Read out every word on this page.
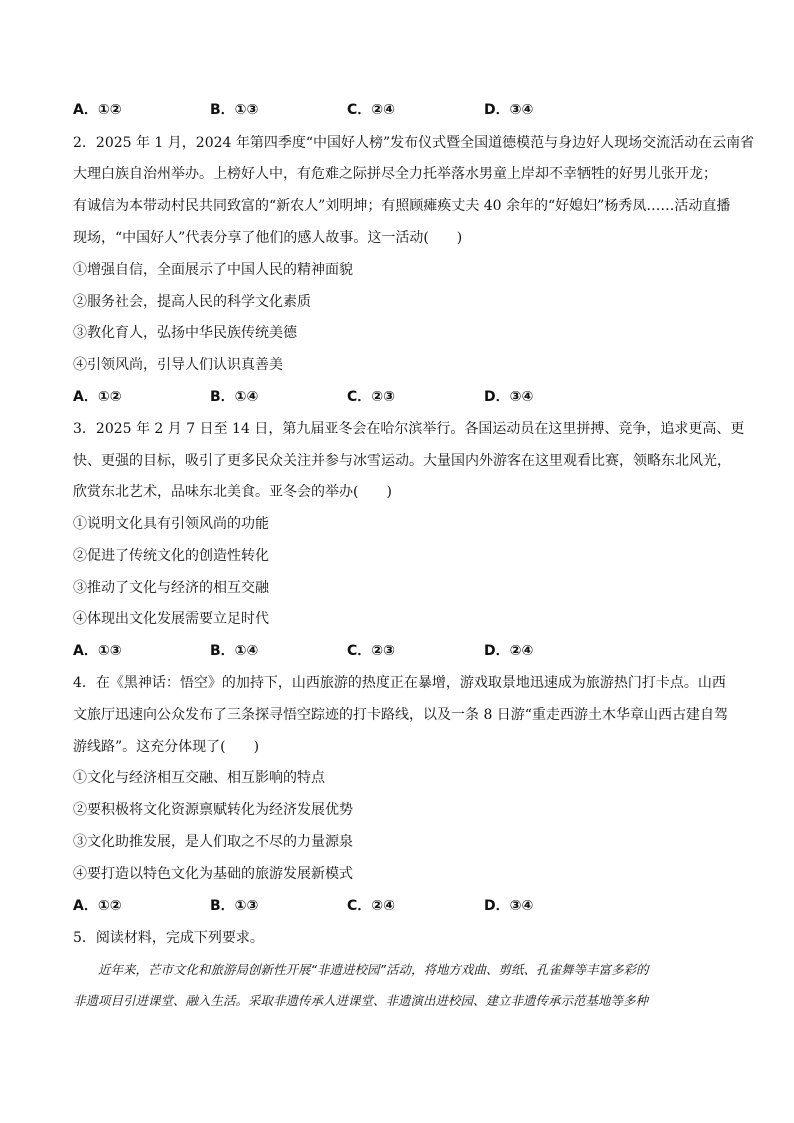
A．①②	B．①③	C．②④	D．③④
2．2025 年 1 月，2024 年第四季度“中国好人榜”发布仪式暨全国道德模范与身边好人现场交流活动在云南省
大理白族自治州举办。上榜好人中，有危难之际拼尽全力托举落水男童上岸却不幸牺牲的好男儿张开龙；
有诚信为本带动村民共同致富的“新农人”刘明坤；有照顾瘫痪丈夫 40 余年的“好媳妇”杨秀凤……活动直播
现场，“中国好人”代表分享了他们的感人故事。这一活动(　　)
①增强自信，全面展示了中国人民的精神面貌
②服务社会，提高人民的科学文化素质
③教化育人，弘扬中华民族传统美德
④引领风尚，引导人们认识真善美
A．①②	B．①④	C．②③	D．③④
3．2025 年 2 月 7 日至 14 日，第九届亚冬会在哈尔滨举行。各国运动员在这里拼搏、竞争，追求更高、更
快、更强的目标，吸引了更多民众关注并参与冰雪运动。大量国内外游客在这里观看比赛，领略东北风光，
欣赏东北艺术，品味东北美食。亚冬会的举办(　　)
①说明文化具有引领风尚的功能
②促进了传统文化的创造性转化
③推动了文化与经济的相互交融
④体现出文化发展需要立足时代
A．①③	B．①④	C．②③	D．②④
4．在《黑神话：悟空》的加持下，山西旅游的热度正在暴增，游戏取景地迅速成为旅游热门打卡点。山西
文旅厅迅速向公众发布了三条探寻悟空踪迹的打卡路线，以及一条 8 日游“重走西游土木华章山西古建自驾
游线路”。这充分体现了(　　)
①文化与经济相互交融、相互影响的特点
②要积极将文化资源禀赋转化为经济发展优势
③文化助推发展，是人们取之不尽的力量源泉
④要打造以特色文化为基础的旅游发展新模式
A．①②	B．①③	C．②④	D．③④
5．阅读材料，完成下列要求。
　　近年来，芒市文化和旅游局创新性开展“非遗进校园”活动，将地方戏曲、剪纸、孔雀舞等丰富多彩的
非遗项目引进课堂、融入生活。采取非遗传承人进课堂、非遗演出进校园、建立非遗传承示范基地等多种
